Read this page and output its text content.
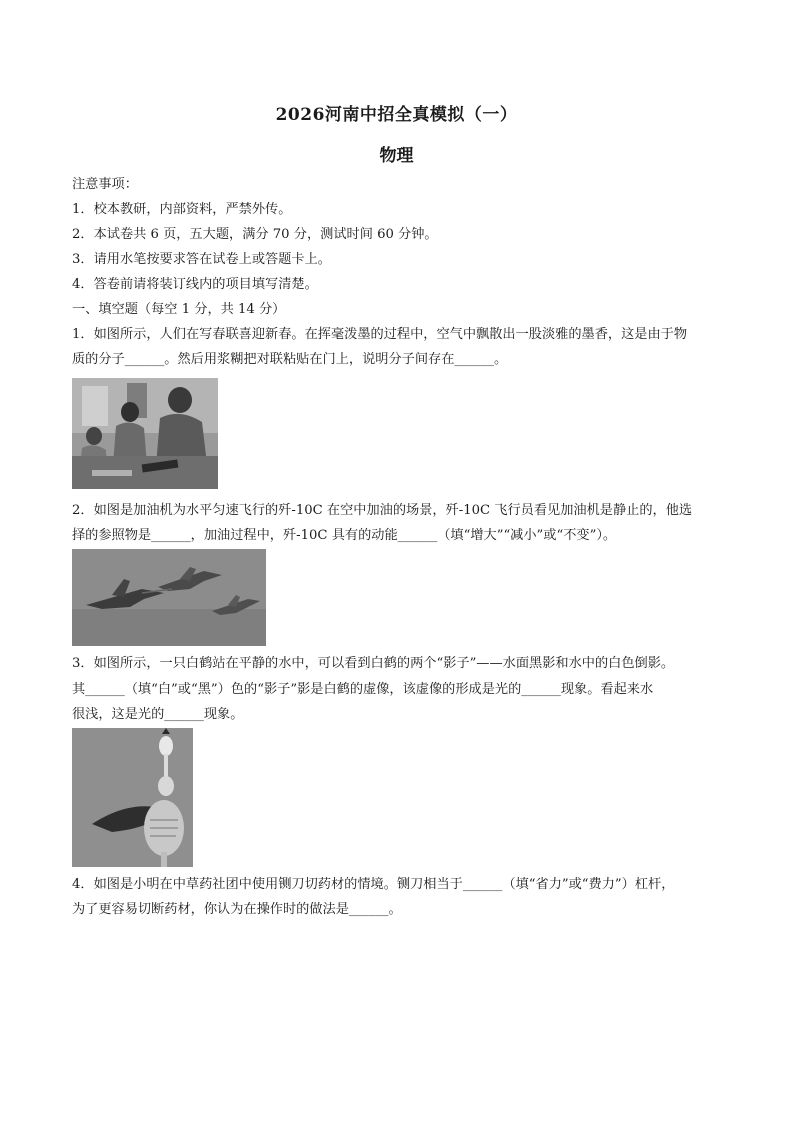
2026河南中招全真模拟（一）
物理
注意事项：
1．校本教研，内部资料，严禁外传。
2．本试卷共 6 页，五大题，满分 70 分，测试时间 60 分钟。
3．请用水笔按要求答在试卷上或答题卡上。
4．答卷前请将装订线内的项目填写清楚。
一、填空题（每空 1 分，共 14 分）
1．如图所示，人们在写春联喜迎新春。在挥毫泼墨的过程中，空气中飘散出一股淡雅的墨香，这是由于物
质的分子______。然后用浆糊把对联粘贴在门上，说明分子间存在______。
2．如图是加油机为水平匀速飞行的歼-10C 在空中加油的场景，歼-10C 飞行员看见加油机是静止的，他选
择的参照物是______，加油过程中，歼-10C 具有的动能______（填“增大”“减小”或“不变”）。
3．如图所示，一只白鹤站在平静的水中，可以看到白鹤的两个“影子”——水面黑影和水中的白色倒影。
其______（填“白”或“黑”）色的“影子”影是白鹤的虚像，该虚像的形成是光的______现象。看起来水
很浅，这是光的______现象。
4．如图是小明在中草药社团中使用铡刀切药材的情境。铡刀相当于______（填“省力”或“费力”）杠杆，
为了更容易切断药材，你认为在操作时的做法是______。
